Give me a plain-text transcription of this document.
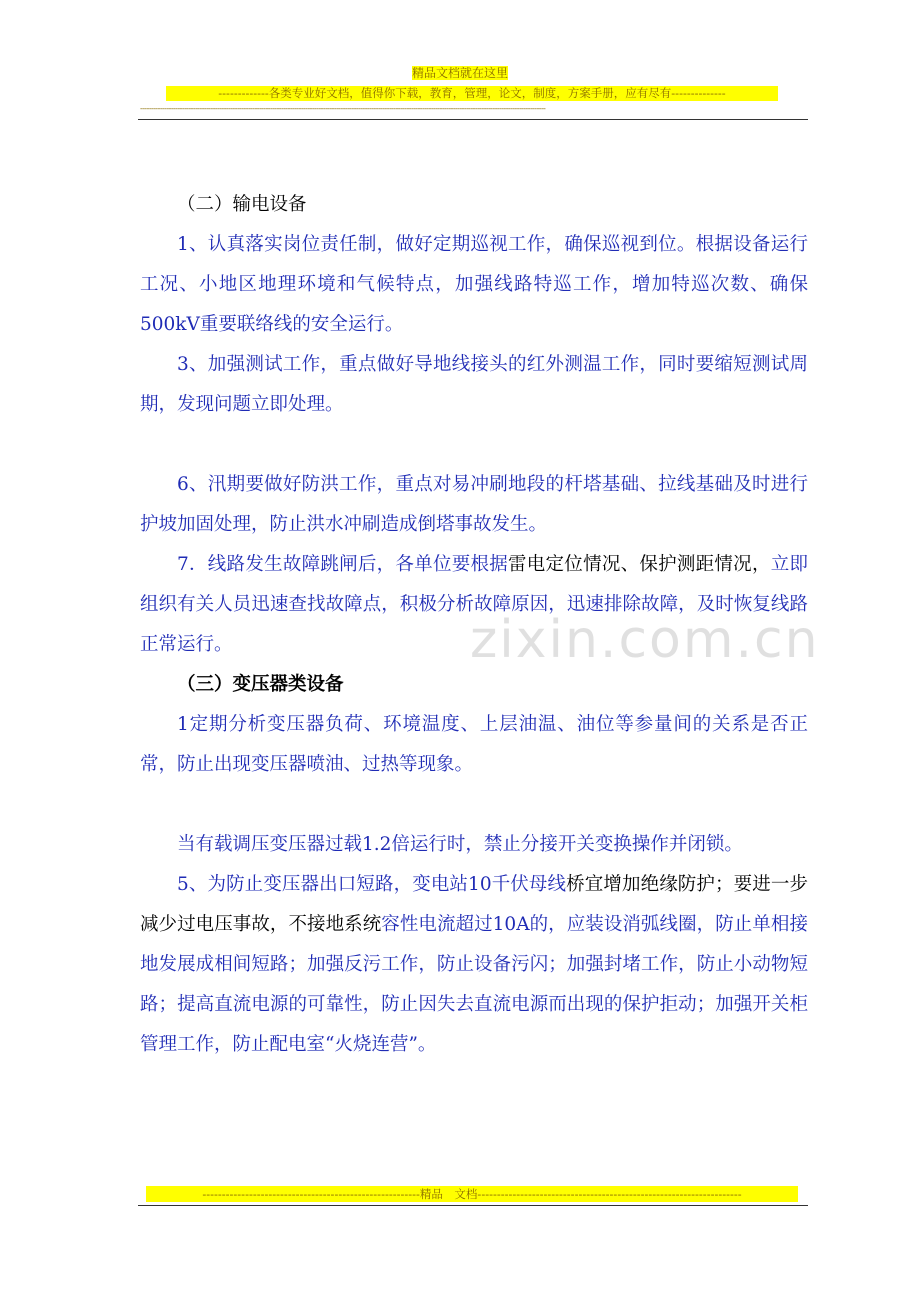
精品文档就在这里
-------------各类专业好文档，值得你下载，教育，管理，论文，制度，方案手册，应有尽有--------------
----------------------------------------------------------------------------------------------------------------------------------------------------------------------------------------
zixin.com.cn

（二）输电设备

1、认真落实岗位责任制，做好定期巡视工作，确保巡视到位。根据设备运行工况、小地区地理环境和气候特点，加强线路特巡工作，增加特巡次数、确保500kV重要联络线的安全运行。

3、加强测试工作，重点做好导地线接头的红外测温工作，同时要缩短测试周期，发现问题立即处理。

6、汛期要做好防洪工作，重点对易冲刷地段的杆塔基础、拉线基础及时进行护坡加固处理，防止洪水冲刷造成倒塔事故发生。

7．线路发生故障跳闸后，各单位要根据雷电定位情况、保护测距情况，立即组织有关人员迅速查找故障点，积极分析故障原因，迅速排除故障，及时恢复线路正常运行。

（三）变压器类设备

1定期分析变压器负荷、环境温度、上层油温、油位等参量间的关系是否正常，防止出现变压器喷油、过热等现象。

当有载调压变压器过载1.2倍运行时，禁止分接开关变换操作并闭锁。

5、为防止变压器出口短路，变电站10千伏母线桥宜增加绝缘防护；要进一步减少过电压事故，不接地系统容性电流超过10A的，应装设消弧线圈，防止单相接地发展成相间短路；加强反污工作，防止设备污闪；加强封堵工作，防止小动物短路；提高直流电源的可靠性，防止因失去直流电源而出现的保护拒动；加强开关柜管理工作，防止配电室“火烧连营”。

--------------------------------------------------------精品　文档--------------------------------------------------------------------
